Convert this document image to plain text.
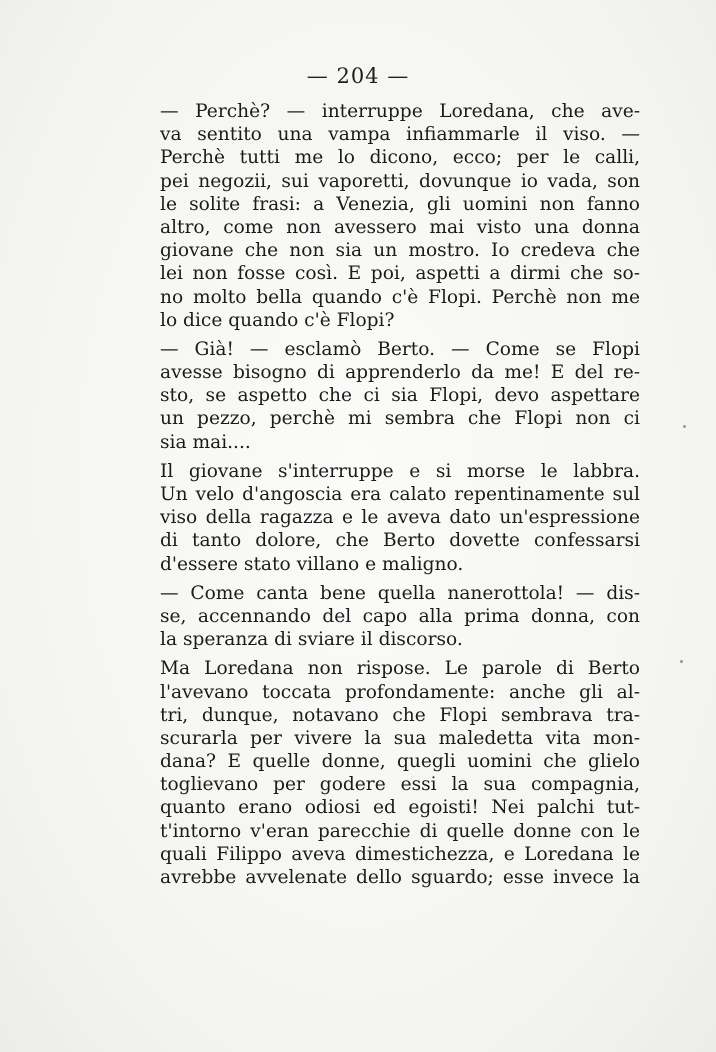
— 204 —
— Perchè? — interruppe Loredana, che ave-
va sentito una vampa infiammarle il viso. —
Perchè tutti me lo dicono, ecco; per le calli,
pei negozii, sui vaporetti, dovunque io vada, son
le solite frasi: a Venezia, gli uomini non fanno
altro, come non avessero mai visto una donna
giovane che non sia un mostro. Io credeva che
lei non fosse così. E poi, aspetti a dirmi che so-
no molto bella quando c'è Flopi. Perchè non me
lo dice quando c'è Flopi?
— Già! — esclamò Berto. — Come se Flopi
avesse bisogno di apprenderlo da me! E del re-
sto, se aspetto che ci sia Flopi, devo aspettare
un pezzo, perchè mi sembra che Flopi non ci
sia mai....
Il giovane s'interruppe e si morse le labbra.
Un velo d'angoscia era calato repentinamente sul
viso della ragazza e le aveva dato un'espressione
di tanto dolore, che Berto dovette confessarsi
d'essere stato villano e maligno.
— Come canta bene quella nanerottola! — dis-
se, accennando del capo alla prima donna, con
la speranza di sviare il discorso.
Ma Loredana non rispose. Le parole di Berto
l'avevano toccata profondamente: anche gli al-
tri, dunque, notavano che Flopi sembrava tra-
scurarla per vivere la sua maledetta vita mon-
dana? E quelle donne, quegli uomini che glielo
toglievano per godere essi la sua compagnia,
quanto erano odiosi ed egoisti! Nei palchi tut-
t'intorno v'eran parecchie di quelle donne con le
quali Filippo aveva dimestichezza, e Loredana le
avrebbe avvelenate dello sguardo; esse invece la
